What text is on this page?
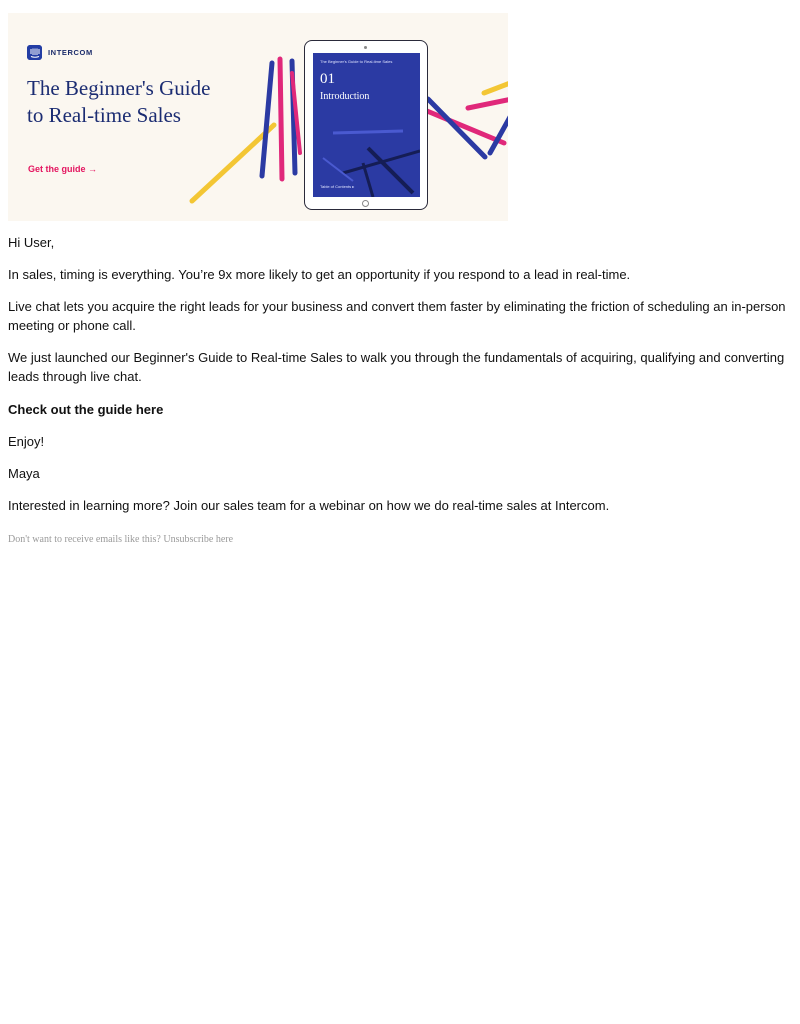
INTERCOM
The Beginner's Guide
to Real-time Sales
Get the guide →
The Beginner's Guide to Real-time Sales
01
Introduction
Table of Contents ▸

Hi User,

In sales, timing is everything. You’re 9x more likely to get an opportunity if you respond to a lead in real-time.

Live chat lets you acquire the right leads for your business and convert them faster by eliminating the friction of scheduling an in-person meeting or phone call.

We just launched our Beginner's Guide to Real-time Sales to walk you through the fundamentals of acquiring, qualifying and converting leads through live chat.

Check out the guide here

Enjoy!

Maya

Interested in learning more? Join our sales team for a webinar on how we do real-time sales at Intercom.

Don't want to receive emails like this? Unsubscribe here
